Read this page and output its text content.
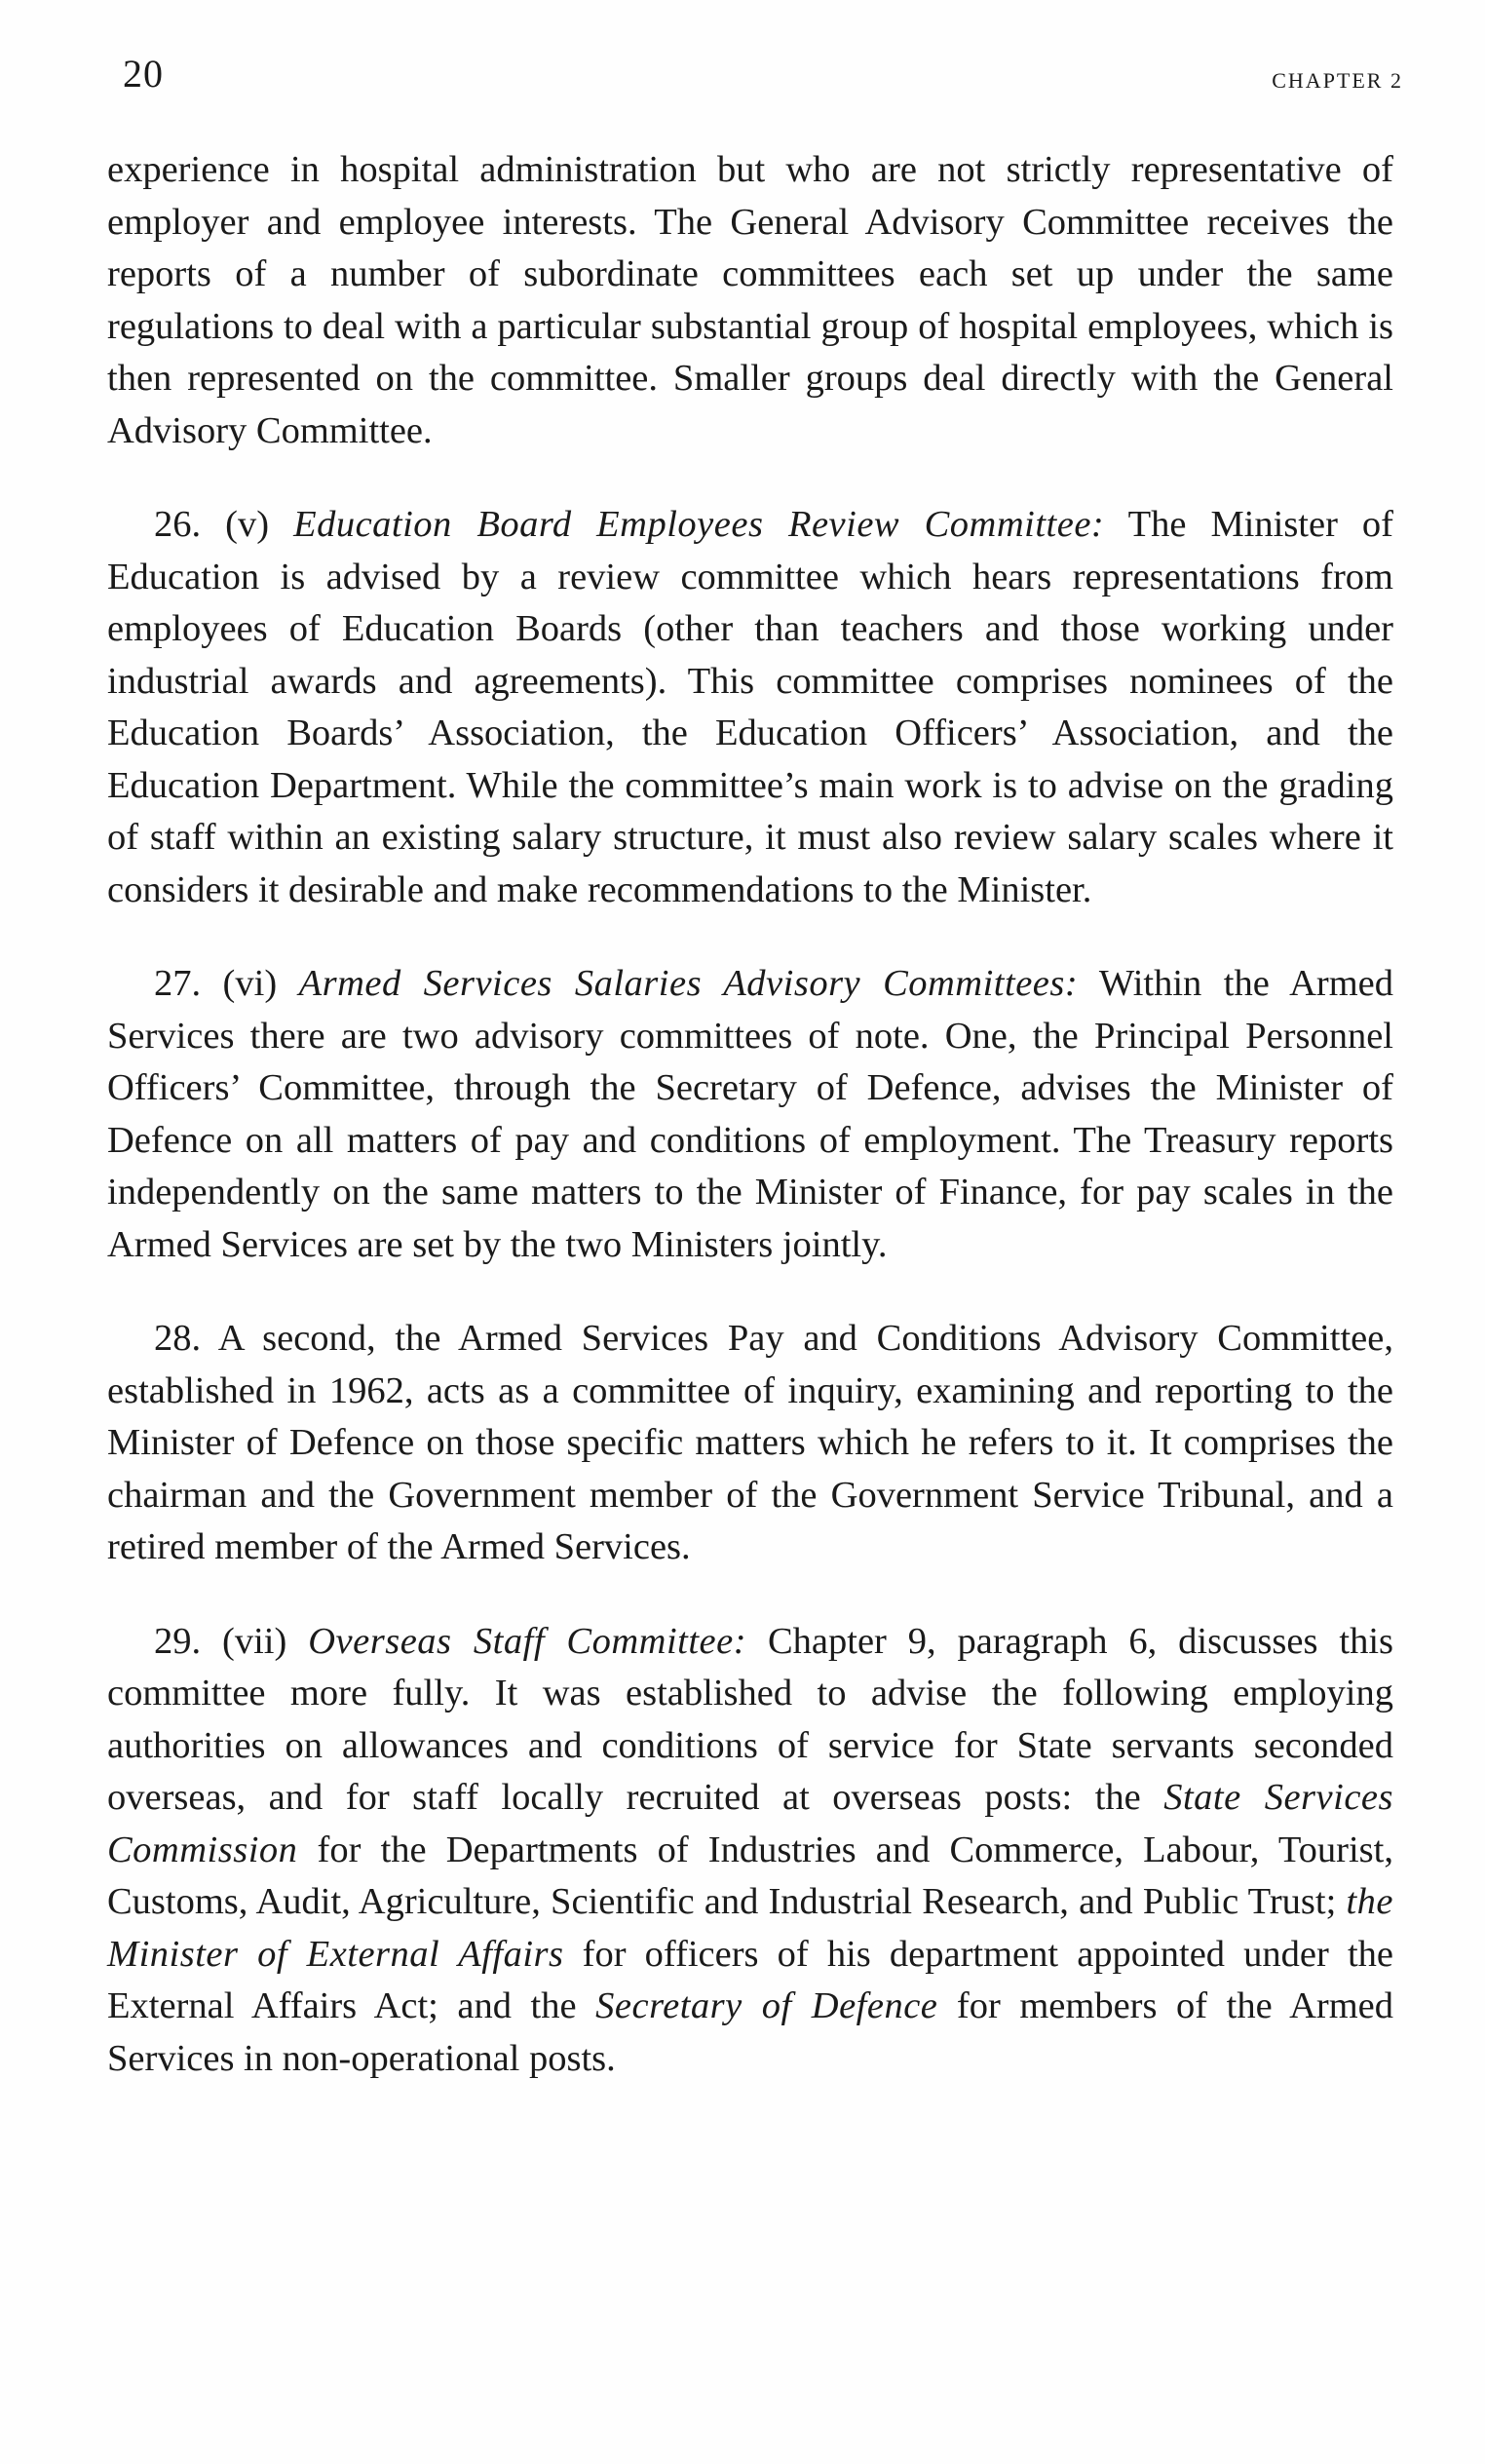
20	CHAPTER 2

experience in hospital administration but who are not strictly representative of employer and employee interests. The General Advisory Committee receives the reports of a number of subordinate committees each set up under the same regulations to deal with a particular substantial group of hospital employees, which is then represented on the committee. Smaller groups deal directly with the General Advisory Committee.

26. (v) Education Board Employees Review Committee: The Minister of Education is advised by a review committee which hears representations from employees of Education Boards (other than teachers and those working under industrial awards and agreements). This committee comprises nominees of the Education Boards’ Association, the Education Officers’ Association, and the Education Department. While the committee’s main work is to advise on the grading of staff within an existing salary structure, it must also review salary scales where it considers it desirable and make recommendations to the Minister.

27. (vi) Armed Services Salaries Advisory Committees: Within the Armed Services there are two advisory committees of note. One, the Principal Personnel Officers’ Committee, through the Secretary of Defence, advises the Minister of Defence on all matters of pay and conditions of employment. The Treasury reports independently on the same matters to the Minister of Finance, for pay scales in the Armed Services are set by the two Ministers jointly.

28. A second, the Armed Services Pay and Conditions Advisory Committee, established in 1962, acts as a committee of inquiry, examining and reporting to the Minister of Defence on those specific matters which he refers to it. It comprises the chairman and the Government member of the Government Service Tribunal, and a retired member of the Armed Services.

29. (vii) Overseas Staff Committee: Chapter 9, paragraph 6, discusses this committee more fully. It was established to advise the following employing authorities on allowances and conditions of service for State servants seconded overseas, and for staff locally recruited at overseas posts: the State Services Commission for the Departments of Industries and Commerce, Labour, Tourist, Customs, Audit, Agriculture, Scientific and Industrial Research, and Public Trust; the Minister of External Affairs for officers of his department appointed under the External Affairs Act; and the Secretary of Defence for members of the Armed Services in non-operational posts.
